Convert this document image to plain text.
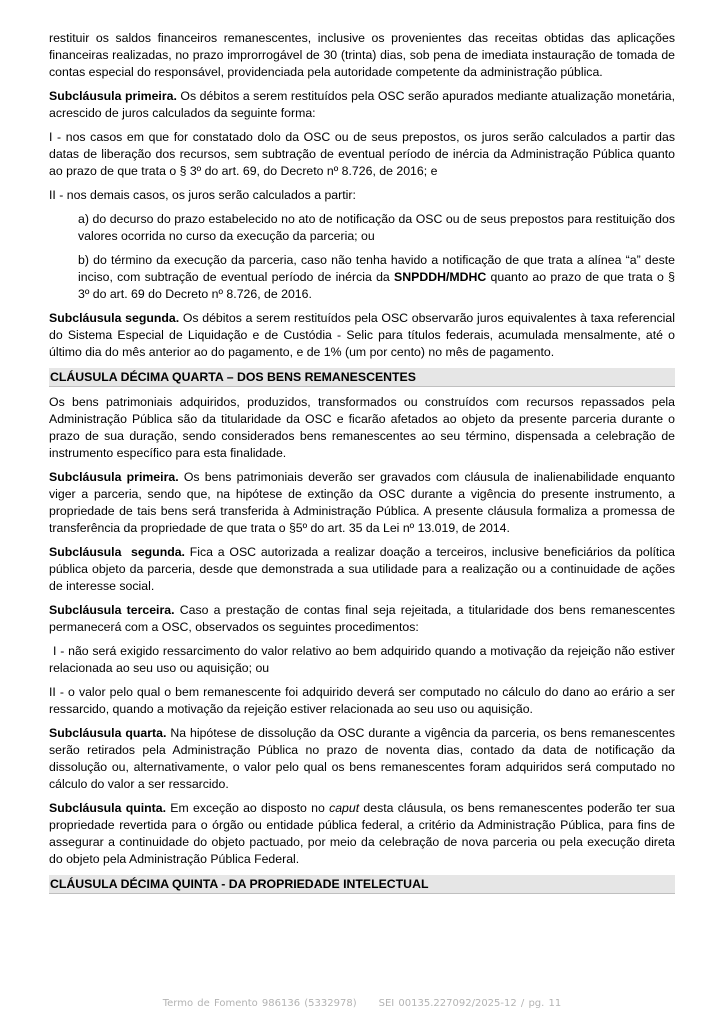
restituir os saldos financeiros remanescentes, inclusive os provenientes das receitas obtidas das aplicações financeiras realizadas, no prazo improrrogável de 30 (trinta) dias, sob pena de imediata instauração de tomada de contas especial do responsável, providenciada pela autoridade competente da administração pública.

Subcláusula primeira. Os débitos a serem restituídos pela OSC serão apurados mediante atualização monetária, acrescido de juros calculados da seguinte forma:

I - nos casos em que for constatado dolo da OSC ou de seus prepostos, os juros serão calculados a partir das datas de liberação dos recursos, sem subtração de eventual período de inércia da Administração Pública quanto ao prazo de que trata o § 3º do art. 69, do Decreto nº 8.726, de 2016; e

II - nos demais casos, os juros serão calculados a partir:

a) do decurso do prazo estabelecido no ato de notificação da OSC ou de seus prepostos para restituição dos valores ocorrida no curso da execução da parceria; ou

b) do término da execução da parceria, caso não tenha havido a notificação de que trata a alínea “a” deste inciso, com subtração de eventual período de inércia da SNPDDH/MDHC quanto ao prazo de que trata o § 3º do art. 69 do Decreto nº 8.726, de 2016.

Subcláusula segunda. Os débitos a serem restituídos pela OSC observarão juros equivalentes à taxa referencial do Sistema Especial de Liquidação e de Custódia - Selic para títulos federais, acumulada mensalmente, até o último dia do mês anterior ao do pagamento, e de 1% (um por cento) no mês de pagamento.

CLÁUSULA DÉCIMA QUARTA – DOS BENS REMANESCENTES

Os bens patrimoniais adquiridos, produzidos, transformados ou construídos com recursos repassados pela Administração Pública são da titularidade da OSC e ficarão afetados ao objeto da presente parceria durante o prazo de sua duração, sendo considerados bens remanescentes ao seu término, dispensada a celebração de instrumento específico para esta finalidade.

Subcláusula primeira. Os bens patrimoniais deverão ser gravados com cláusula de inalienabilidade enquanto viger a parceria, sendo que, na hipótese de extinção da OSC durante a vigência do presente instrumento, a propriedade de tais bens será transferida à Administração Pública. A presente cláusula formaliza a promessa de transferência da propriedade de que trata o §5º do art. 35 da Lei nº 13.019, de 2014.

Subcláusula  segunda. Fica a OSC autorizada a realizar doação a terceiros, inclusive beneficiários da política pública objeto da parceria, desde que demonstrada a sua utilidade para a realização ou a continuidade de ações de interesse social.

Subcláusula terceira. Caso a prestação de contas final seja rejeitada, a titularidade dos bens remanescentes permanecerá com a OSC, observados os seguintes procedimentos:

I - não será exigido ressarcimento do valor relativo ao bem adquirido quando a motivação da rejeição não estiver relacionada ao seu uso ou aquisição; ou

II - o valor pelo qual o bem remanescente foi adquirido deverá ser computado no cálculo do dano ao erário a ser ressarcido, quando a motivação da rejeição estiver relacionada ao seu uso ou aquisição.

Subcláusula quarta. Na hipótese de dissolução da OSC durante a vigência da parceria, os bens remanescentes serão retirados pela Administração Pública no prazo de noventa dias, contado da data de notificação da dissolução ou, alternativamente, o valor pelo qual os bens remanescentes foram adquiridos será computado no cálculo do valor a ser ressarcido.

Subcláusula quinta. Em exceção ao disposto no caput desta cláusula, os bens remanescentes poderão ter sua propriedade revertida para o órgão ou entidade pública federal, a critério da Administração Pública, para fins de assegurar a continuidade do objeto pactuado, por meio da celebração de nova parceria ou pela execução direta do objeto pela Administração Pública Federal.

CLÁUSULA DÉCIMA QUINTA - DA PROPRIEDADE INTELECTUAL
Termo de Fomento 986136 (5332978) SEI 00135.227092/2025-12 / pg. 11
